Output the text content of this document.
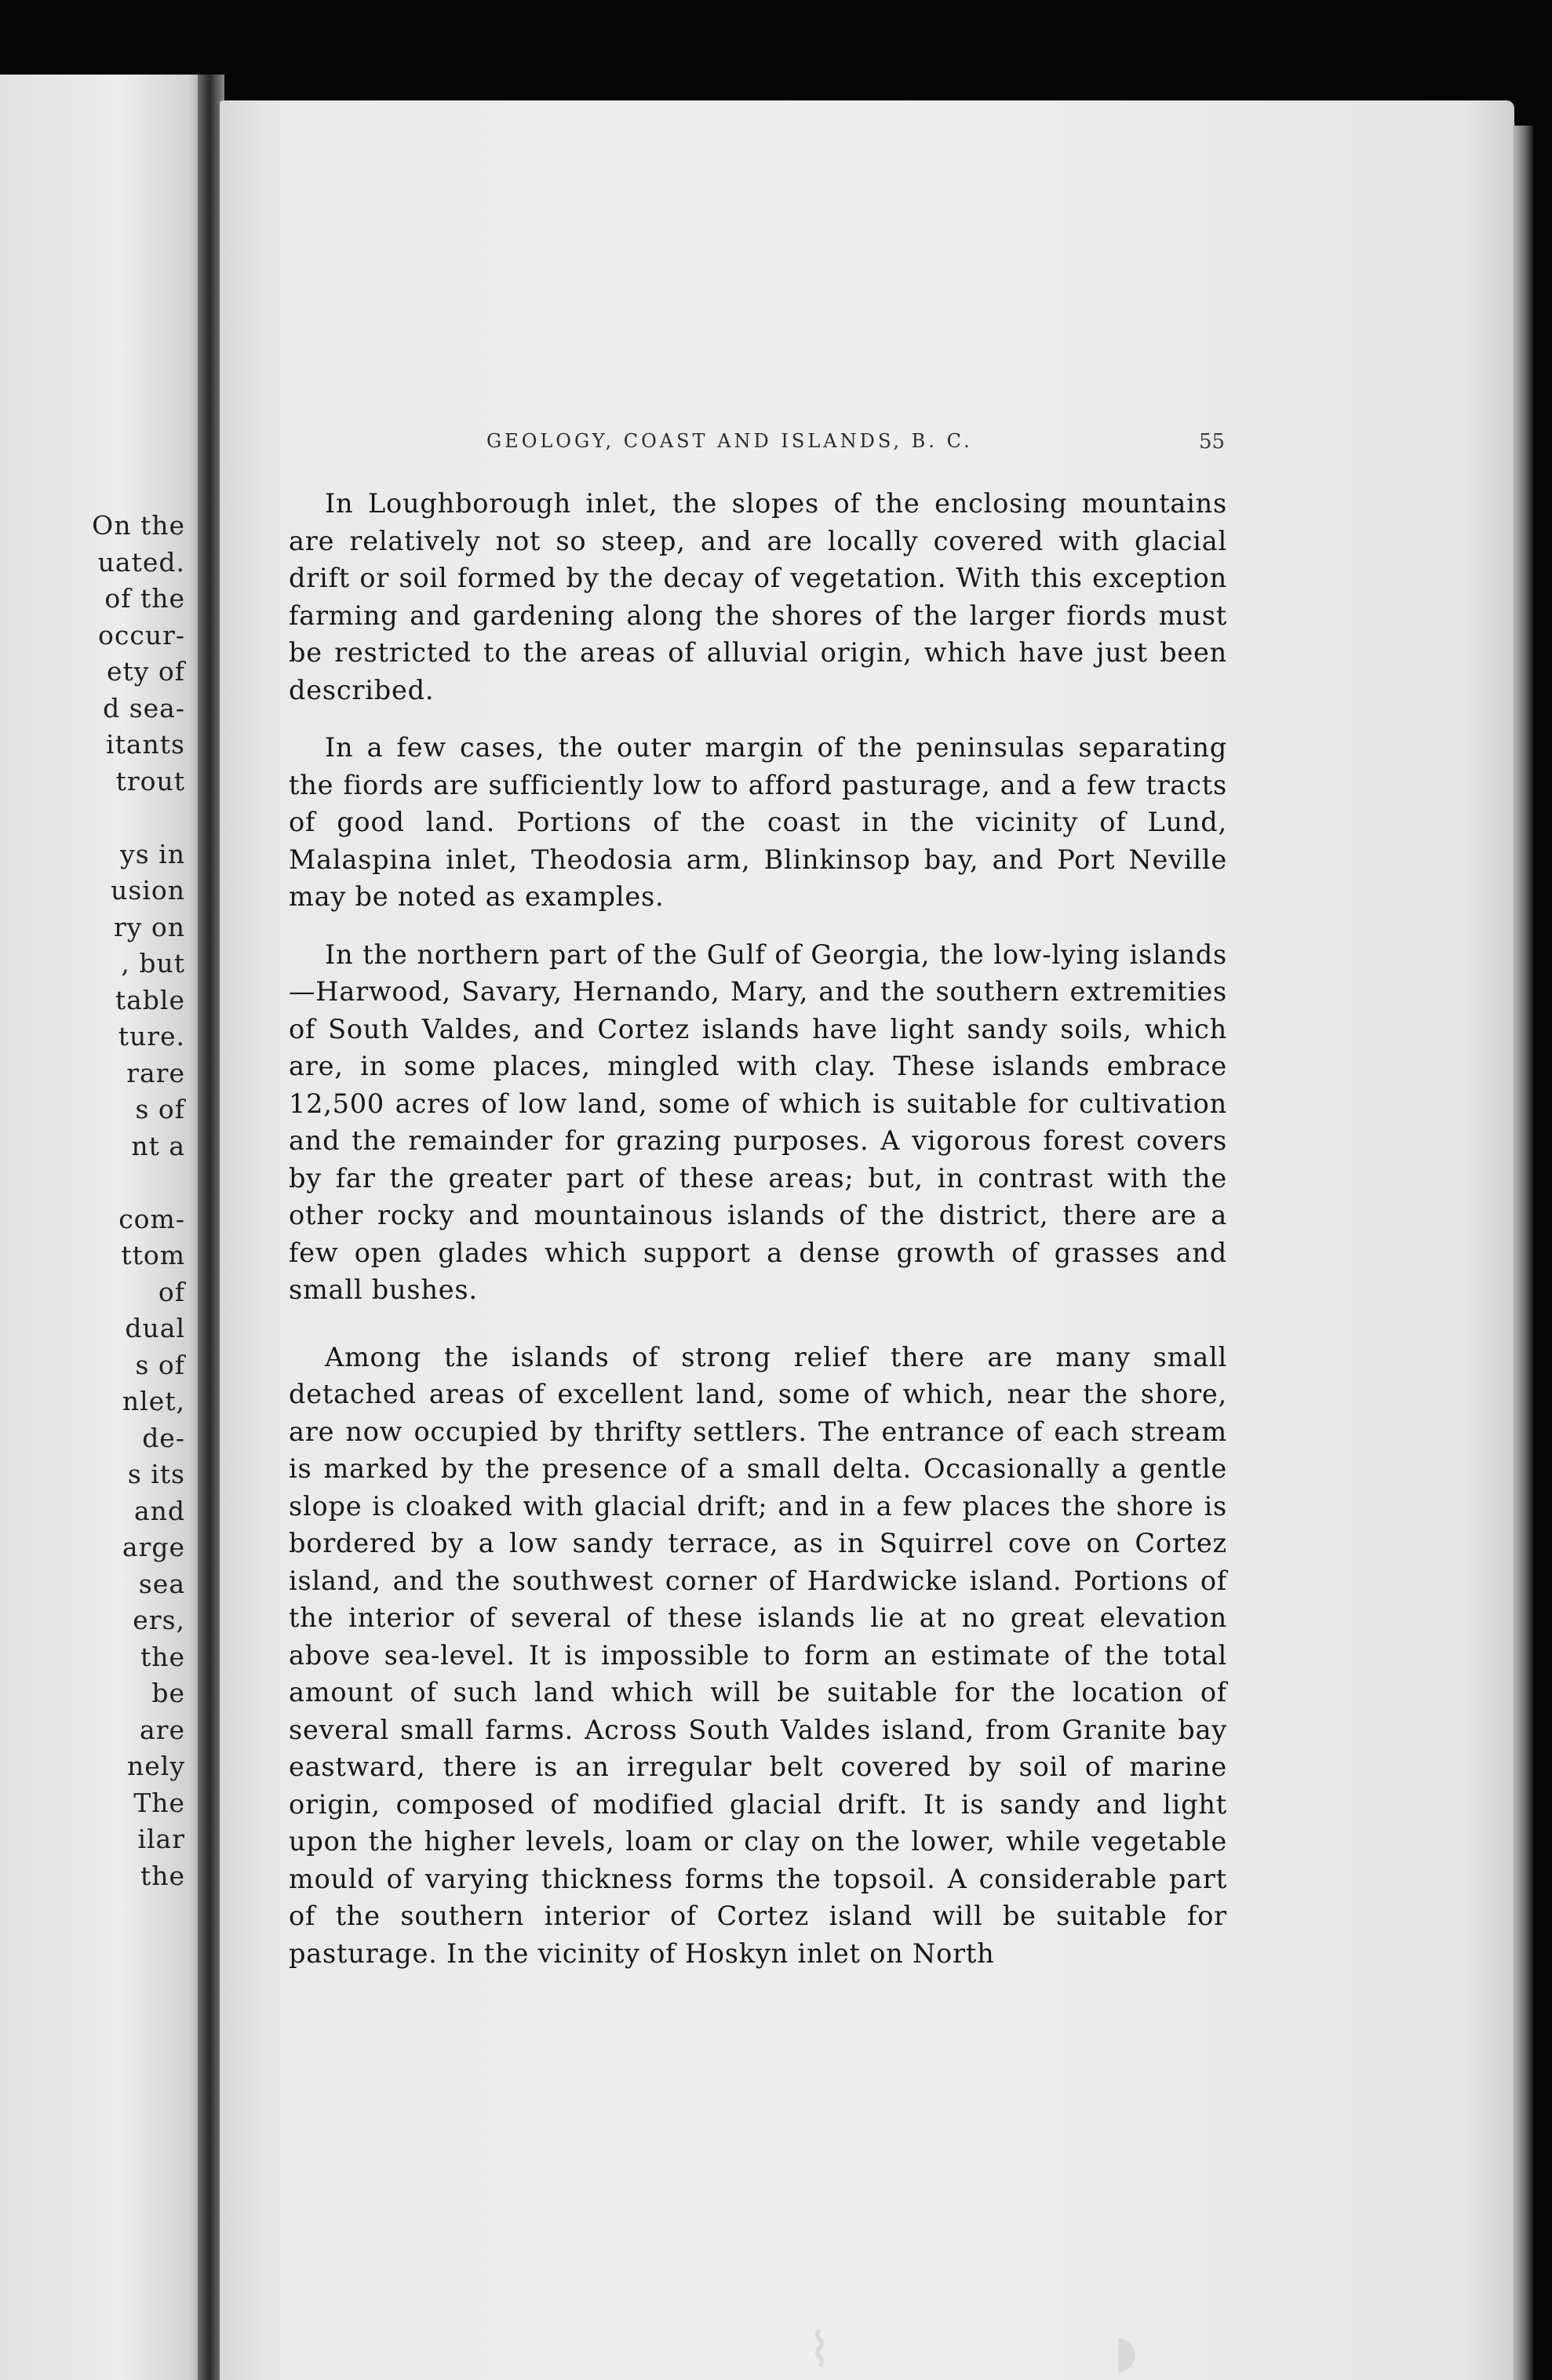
On the
uated.
of the
occur-
ety of
d sea-
itants
trout
ys in
usion
ry on
, but
table
ture.
rare
s of
nt a
com-
ttom
of
dual
s of
nlet,
de-
s its
and
arge
sea
ers,
the
be
are
nely
The
ilar
the
GEOLOGY, COAST AND ISLANDS, B. C.	55

In Loughborough inlet, the slopes of the enclosing mountains are relatively not so steep, and are locally covered with glacial drift or soil formed by the decay of vegetation. With this exception farming and gardening along the shores of the larger fiords must be restricted to the areas of alluvial origin, which have just been described.

In a few cases, the outer margin of the peninsulas separating the fiords are sufficiently low to afford pasturage, and a few tracts of good land. Portions of the coast in the vicinity of Lund, Malaspina inlet, Theodosia arm, Blinkinsop bay, and Port Neville may be noted as examples.

In the northern part of the Gulf of Georgia, the low-lying islands—Harwood, Savary, Hernando, Mary, and the southern extremities of South Valdes, and Cortez islands have light sandy soils, which are, in some places, mingled with clay. These islands embrace 12,500 acres of low land, some of which is suitable for cultivation and the remainder for grazing purposes. A vigorous forest covers by far the greater part of these areas; but, in contrast with the other rocky and mountainous islands of the district, there are a few open glades which support a dense growth of grasses and small bushes.

Among the islands of strong relief there are many small detached areas of excellent land, some of which, near the shore, are now occupied by thrifty settlers. The entrance of each stream is marked by the presence of a small delta. Occasionally a gentle slope is cloaked with glacial drift; and in a few places the shore is bordered by a low sandy terrace, as in Squirrel cove on Cortez island, and the southwest corner of Hardwicke island. Portions of the interior of several of these islands lie at no great elevation above sea-level. It is impossible to form an estimate of the total amount of such land which will be suitable for the location of several small farms. Across South Valdes island, from Granite bay eastward, there is an irregular belt covered by soil of marine origin, composed of modified glacial drift. It is sandy and light upon the higher levels, loam or clay on the lower, while vegetable mould of varying thickness forms the topsoil. A considerable part of the southern interior of Cortez island will be suitable for pasturage. In the vicinity of Hoskyn inlet on North

⌇	◗
